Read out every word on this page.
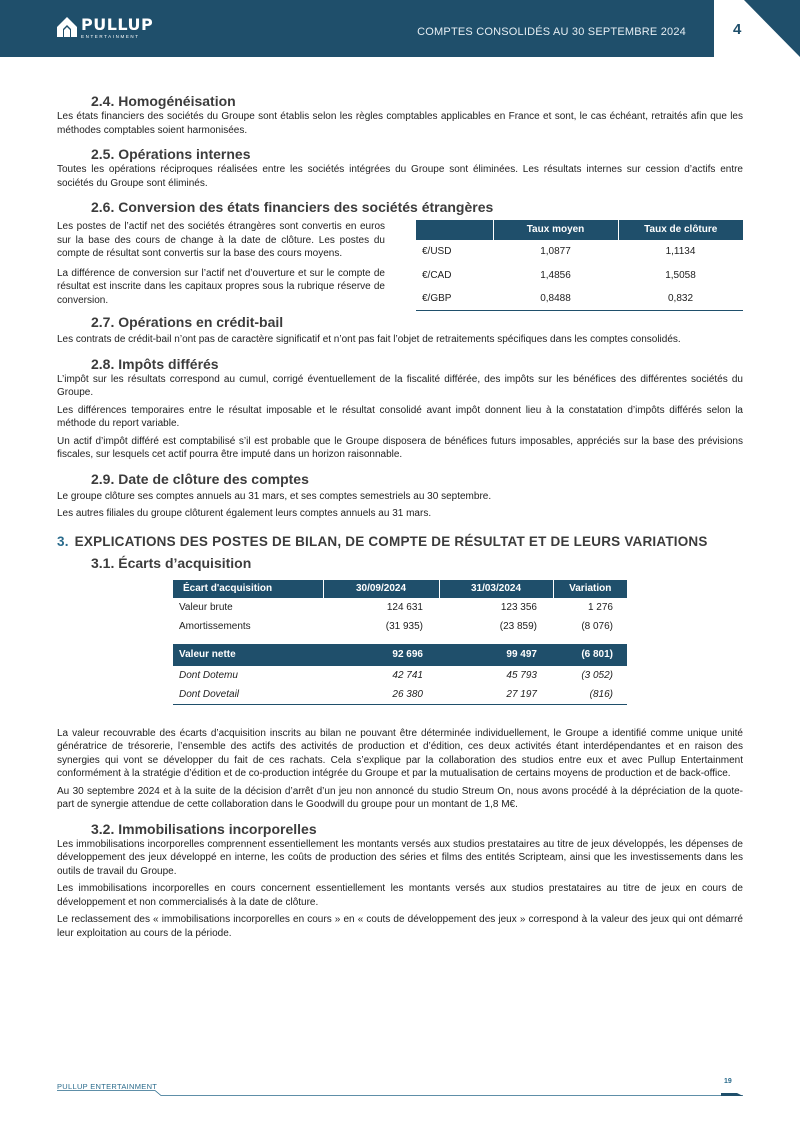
PULLUP
ENTERTAINMENT	COMPTES CONSOLIDÉS AU 30 SEPTEMBRE 2024	4
2.4. Homogénéisation

Les états financiers des sociétés du Groupe sont établis selon les règles comptables applicables en France et sont, le cas échéant, retraités afin que les méthodes comptables soient harmonisées.

2.5. Opérations internes

Toutes les opérations réciproques réalisées entre les sociétés intégrées du Groupe sont éliminées. Les résultats internes sur cession d’actifs entre sociétés du Groupe sont éliminés.

2.6. Conversion des états financiers des sociétés étrangères

Les postes de l’actif net des sociétés étrangères sont convertis en euros sur la base des cours de change à la date de clôture. Les postes du compte de résultat sont convertis sur la base des cours moyens.

La différence de conversion sur l’actif net d’ouverture et sur le compte de résultat est inscrite dans les capitaux propres sous la rubrique réserve de conversion.

	Taux moyen	Taux de clôture
€/USD	1,0877	1,1134
€/CAD	1,4856	1,5058
€/GBP	0,8488	0,832
2.7. Opérations en crédit-bail

Les contrats de crédit-bail n’ont pas de caractère significatif et n’ont pas fait l’objet de retraitements spécifiques dans les comptes consolidés.

2.8. Impôts différés

L’impôt sur les résultats correspond au cumul, corrigé éventuellement de la fiscalité différée, des impôts sur les bénéfices des différentes sociétés du Groupe.

Les différences temporaires entre le résultat imposable et le résultat consolidé avant impôt donnent lieu à la constatation d’impôts différés selon la méthode du report variable.

Un actif d’impôt différé est comptabilisé s’il est probable que le Groupe disposera de bénéfices futurs imposables, appréciés sur la base des prévisions fiscales, sur lesquels cet actif pourra être imputé dans un horizon raisonnable.

2.9. Date de clôture des comptes

Le groupe clôture ses comptes annuels au 31 mars, et ses comptes semestriels au 30 septembre.

Les autres filiales du groupe clôturent également leurs comptes annuels au 31 mars.

3. EXPLICATIONS DES POSTES DE BILAN, DE COMPTE DE RÉSULTAT ET DE LEURS VARIATIONS
3.1. Écarts d’acquisition
Écart d'acquisition	30/09/2024	31/03/2024	Variation
Valeur brute	124 631	123 356	1 276
Amortissements	(31 935)	(23 859)	(8 076)

Valeur nette	92 696	99 497	(6 801)
Dont Dotemu	42 741	45 793	(3 052)
Dont Dovetail	26 380	27 197	(816)

La valeur recouvrable des écarts d’acquisition inscrits au bilan ne pouvant être déterminée individuellement, le Groupe a identifié comme unique unité génératrice de trésorerie, l’ensemble des actifs des activités de production et d’édition, ces deux activités étant interdépendantes et en raison des synergies qui vont se développer du fait de ces rachats. Cela s’explique par la collaboration des studios entre eux et avec Pullup Entertainment conformément à la stratégie d’édition et de co-production intégrée du Groupe et par la mutualisation de certains moyens de production et de back-office.

Au 30 septembre 2024 et à la suite de la décision d’arrêt d’un jeu non annoncé du studio Streum On, nous avons procédé à la dépréciation de la quote-part de synergie attendue de cette collaboration dans le Goodwill du groupe pour un montant de 1,8 M€.

3.2. Immobilisations incorporelles

Les immobilisations incorporelles comprennent essentiellement les montants versés aux studios prestataires au titre de jeux développés, les dépenses de développement des jeux développé en interne, les coûts de production des séries et films des entités Scripteam, ainsi que les investissements dans les outils de travail du Groupe.

Les immobilisations incorporelles en cours concernent essentiellement les montants versés aux studios prestataires au titre de jeux en cours de développement et non commercialisés à la date de clôture.

Le reclassement des « immobilisations incorporelles en cours » en « couts de développement des jeux » correspond à la valeur des jeux qui ont démarré leur exploitation au cours de la période.

PULLUP ENTERTAINMENT
19
